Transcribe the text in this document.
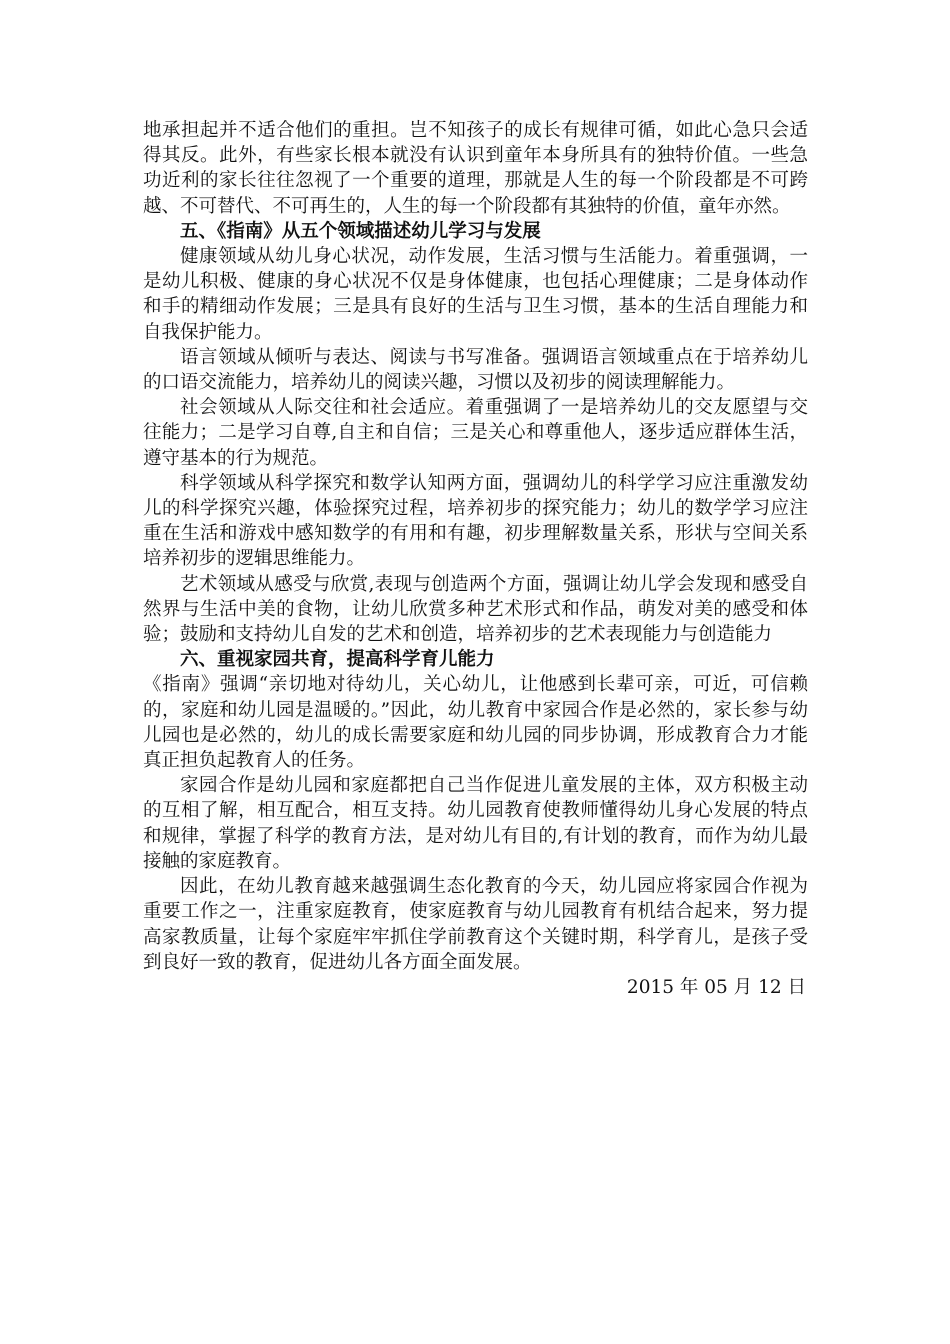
地承担起并不适合他们的重担。岂不知孩子的成长有规律可循，如此心急只会适得其反。此外，有些家长根本就没有认识到童年本身所具有的独特价值。一些急功近利的家长往往忽视了一个重要的道理，那就是人生的每一个阶段都是不可跨越、不可替代、不可再生的，人生的每一个阶段都有其独特的价值，童年亦然。

五、《指南》从五个领域描述幼儿学习与发展

健康领域从幼儿身心状况，动作发展，生活习惯与生活能力。着重强调，一是幼儿积极、健康的身心状况不仅是身体健康，也包括心理健康；二是身体动作和手的精细动作发展；三是具有良好的生活与卫生习惯，基本的生活自理能力和自我保护能力。

语言领域从倾听与表达、阅读与书写准备。强调语言领域重点在于培养幼儿的口语交流能力，培养幼儿的阅读兴趣，习惯以及初步的阅读理解能力。

社会领域从人际交往和社会适应。着重强调了一是培养幼儿的交友愿望与交往能力；二是学习自尊,自主和自信；三是关心和尊重他人，逐步适应群体生活，遵守基本的行为规范。

科学领域从科学探究和数学认知两方面，强调幼儿的科学学习应注重激发幼儿的科学探究兴趣，体验探究过程，培养初步的探究能力；幼儿的数学学习应注重在生活和游戏中感知数学的有用和有趣，初步理解数量关系，形状与空间关系培养初步的逻辑思维能力。

艺术领域从感受与欣赏,表现与创造两个方面，强调让幼儿学会发现和感受自然界与生活中美的食物，让幼儿欣赏多种艺术形式和作品，萌发对美的感受和体验；鼓励和支持幼儿自发的艺术和创造，培养初步的艺术表现能力与创造能力

六、重视家园共育，提高科学育儿能力

《指南》强调“亲切地对待幼儿，关心幼儿，让他感到长辈可亲，可近，可信赖的，家庭和幼儿园是温暖的。”因此，幼儿教育中家园合作是必然的，家长参与幼儿园也是必然的，幼儿的成长需要家庭和幼儿园的同步协调，形成教育合力才能真正担负起教育人的任务。

家园合作是幼儿园和家庭都把自己当作促进儿童发展的主体，双方积极主动的互相了解，相互配合，相互支持。幼儿园教育使教师懂得幼儿身心发展的特点和规律，掌握了科学的教育方法，是对幼儿有目的,有计划的教育，而作为幼儿最接触的家庭教育。

因此，在幼儿教育越来越强调生态化教育的今天，幼儿园应将家园合作视为重要工作之一，注重家庭教育，使家庭教育与幼儿园教育有机结合起来，努力提高家教质量，让每个家庭牢牢抓住学前教育这个关键时期，科学育儿，是孩子受到良好一致的教育，促进幼儿各方面全面发展。

2015 年 05 月 12 日
